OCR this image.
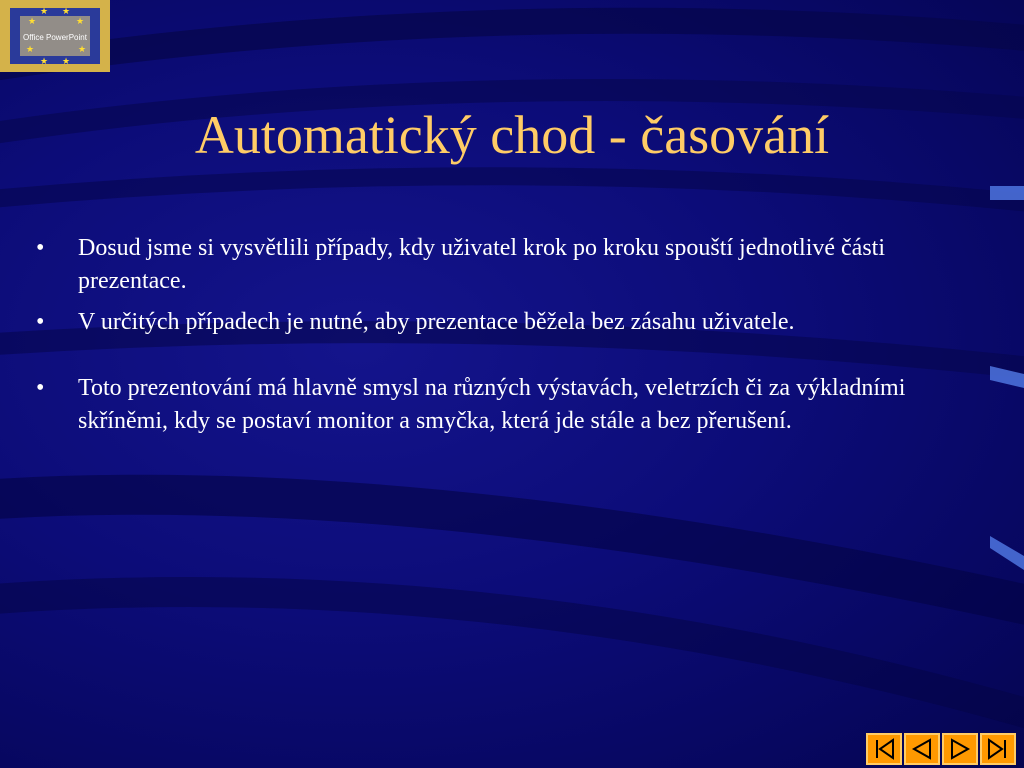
Office PowerPoint
★ ★
★	★
★	★
★ ★
Automatický chod - časování
• Dosud jsme si vysvětlili případy, kdy uživatel krok po kroku spouští jednotlivé části prezentace.
• V určitých případech je nutné, aby prezentace běžela bez zásahu uživatele.
• Toto prezentování má hlavně smysl na různých výstavách, veletrzích či za výkladními skříněmi, kdy se postaví monitor a smyčka, která jde stále a bez přerušení.
